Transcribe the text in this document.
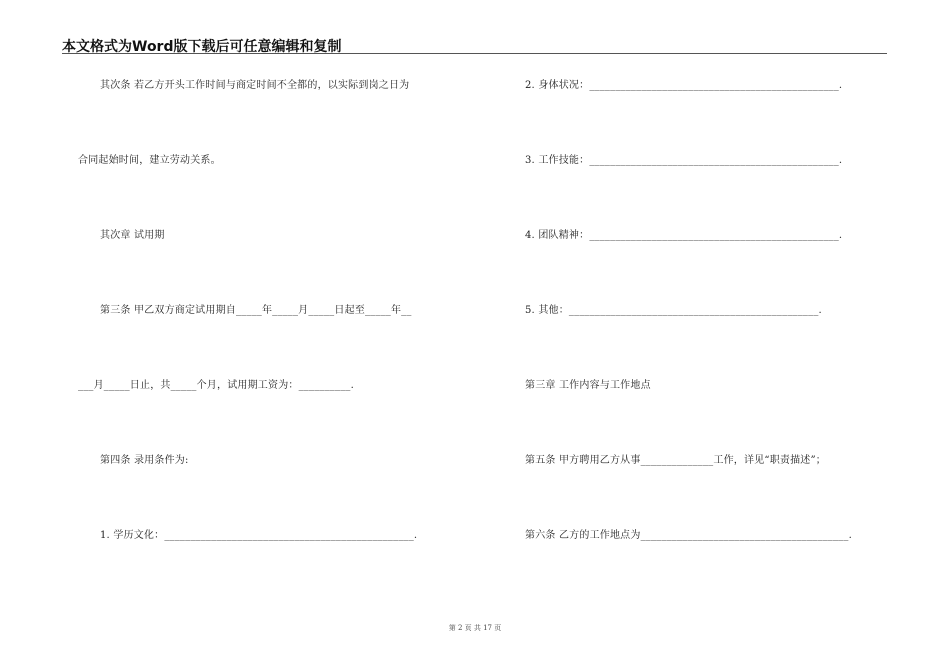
本文格式为Word版下载后可任意编辑和复制
其次条 若乙方开头工作时间与商定时间不全都的，以实际到岗之日为
合同起始时间，建立劳动关系。
其次章 试用期
第三条 甲乙双方商定试用期自_____年_____月_____日起至_____年__
___月_____日止，共_____个月，试用期工资为：__________.
第四条 录用条件为:
1. 学历文化：________________________________________________.
2. 身体状况：________________________________________________.
3. 工作技能：________________________________________________.
4. 团队精神：________________________________________________.
5. 其他：________________________________________________.
第三章 工作内容与工作地点
第五条 甲方聘用乙方从事______________工作，详见“职责描述”；
第六条 乙方的工作地点为________________________________________.
第 2 页 共 17 页
